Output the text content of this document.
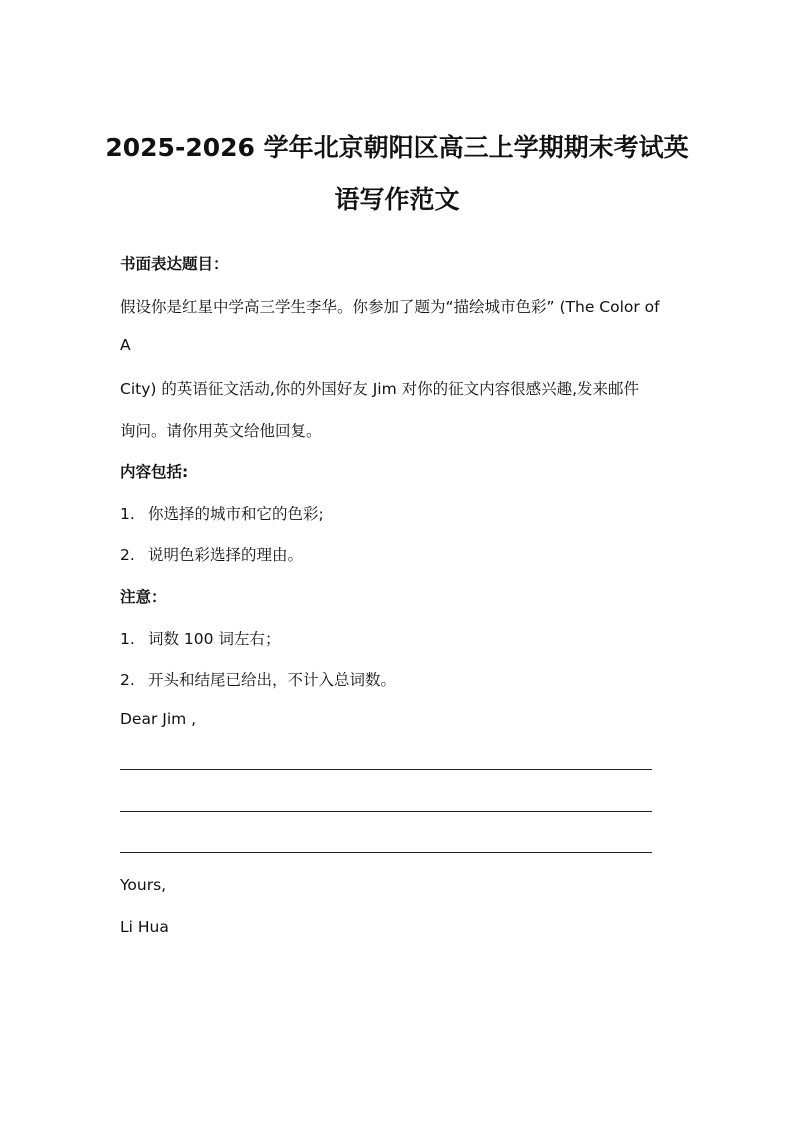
2025-2026 学年北京朝阳区高三上学期期末考试英
语写作范文
书面表达题目：
假设你是红星中学高三学生李华。你参加了题为“描绘城市色彩” (The Color of
A
City) 的英语征文活动,你的外国好友 Jim 对你的征文内容很感兴趣,发来邮件
询问。请你用英文给他回复。
内容包括:
1. 你选择的城市和它的色彩;
2. 说明色彩选择的理由。
注意：
1. 词数 100 词左右；
2. 开头和结尾已给出，不计入总词数。
Dear Jim ,
Yours,
Li Hua
